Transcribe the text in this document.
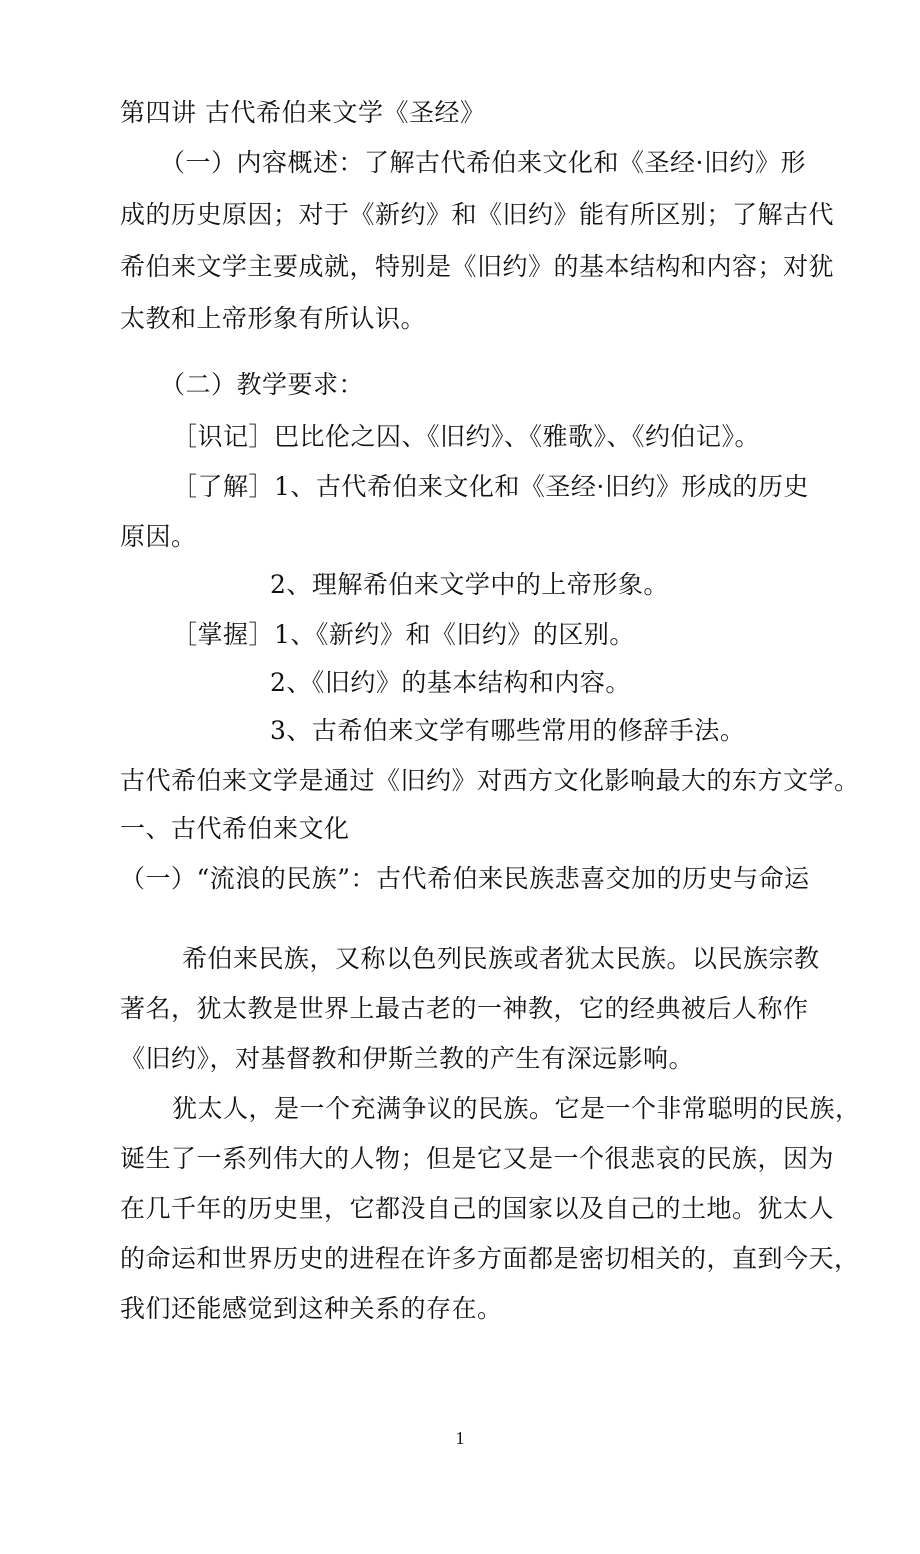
第四讲 古代希伯来文学《圣经》
（一）内容概述：了解古代希伯来文化和《圣经·旧约》形
成的历史原因；对于《新约》和《旧约》能有所区别；了解古代
希伯来文学主要成就，特别是《旧约》的基本结构和内容；对犹
太教和上帝形象有所认识。
（二）教学要求：
［识记］巴比伦之囚、《旧约》、《雅歌》、《约伯记》。
［了解］1、古代希伯来文化和《圣经·旧约》形成的历史
原因。
2、理解希伯来文学中的上帝形象。
［掌握］1、《新约》和《旧约》的区别。
2、《旧约》的基本结构和内容。
3、古希伯来文学有哪些常用的修辞手法。
古代希伯来文学是通过《旧约》对西方文化影响最大的东方文学。
一、古代希伯来文化
（一）“流浪的民族”：古代希伯来民族悲喜交加的历史与命运
希伯来民族，又称以色列民族或者犹太民族。以民族宗教
著名，犹太教是世界上最古老的一神教，它的经典被后人称作
《旧约》，对基督教和伊斯兰教的产生有深远影响。
犹太人，是一个充满争议的民族。它是一个非常聪明的民族，
诞生了一系列伟大的人物；但是它又是一个很悲哀的民族，因为
在几千年的历史里，它都没自己的国家以及自己的土地。犹太人
的命运和世界历史的进程在许多方面都是密切相关的，直到今天，
我们还能感觉到这种关系的存在。
1
